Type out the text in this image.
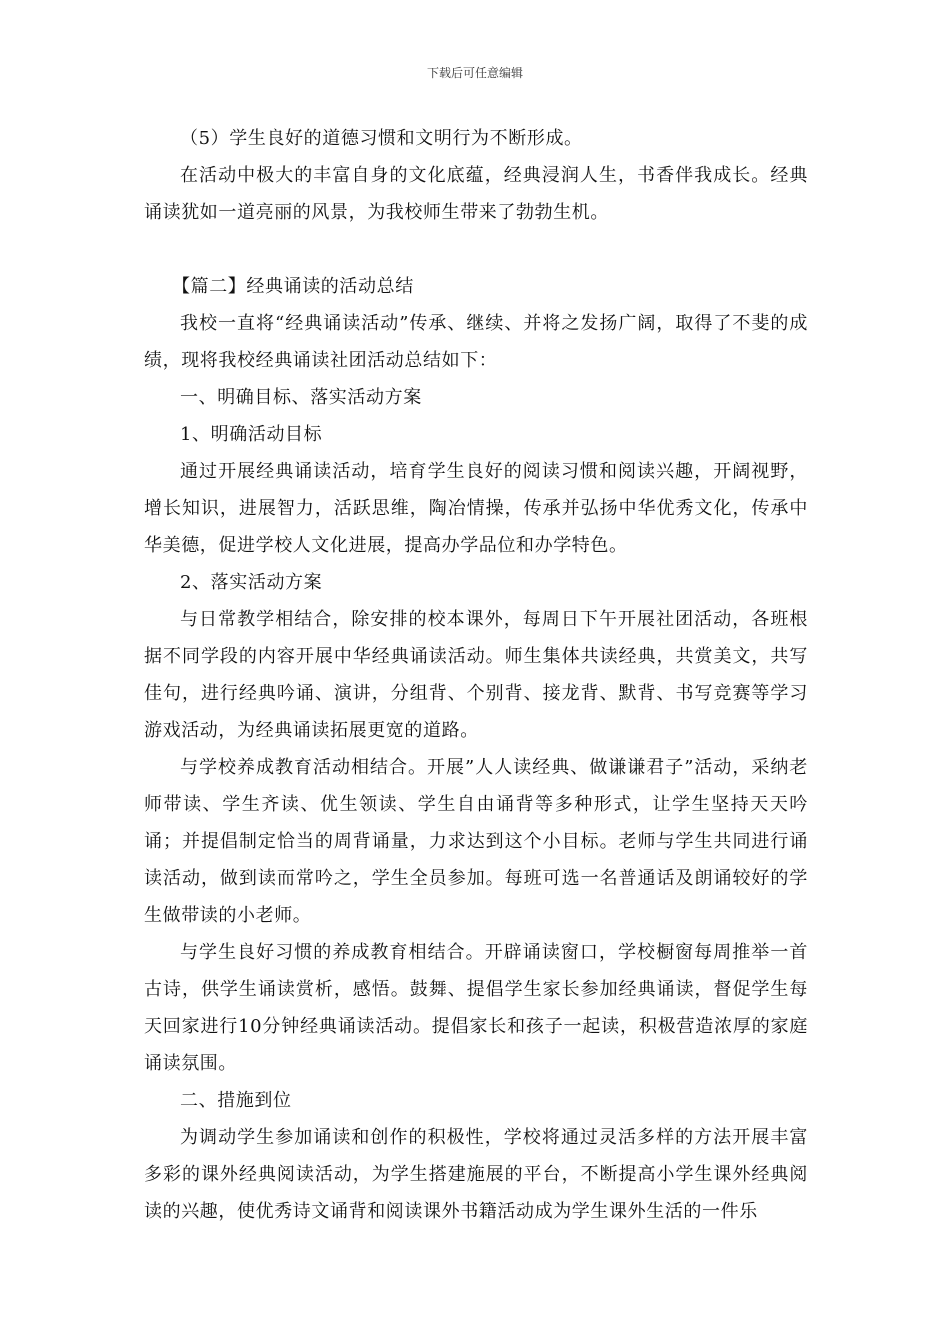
下载后可任意编辑

（5）学生良好的道德习惯和文明行为不断形成。

在活动中极大的丰富自身的文化底蕴，经典浸润人生，书香伴我成长。经典诵读犹如一道亮丽的风景，为我校师生带来了勃勃生机。

【篇二】经典诵读的活动总结

我校一直将“经典诵读活动”传承、继续、并将之发扬广阔，取得了不斐的成绩，现将我校经典诵读社团活动总结如下：

一、明确目标、落实活动方案

1、明确活动目标

通过开展经典诵读活动，培育学生良好的阅读习惯和阅读兴趣，开阔视野，增长知识，进展智力，活跃思维，陶冶情操，传承并弘扬中华优秀文化，传承中华美德，促进学校人文化进展，提高办学品位和办学特色。

2、落实活动方案

与日常教学相结合，除安排的校本课外，每周日下午开展社团活动，各班根据不同学段的内容开展中华经典诵读活动。师生集体共读经典，共赏美文，共写佳句，进行经典吟诵、演讲，分组背、个别背、接龙背、默背、书写竞赛等学习游戏活动，为经典诵读拓展更宽的道路。

与学校养成教育活动相结合。开展”人人读经典、做谦谦君子”活动，采纳老师带读、学生齐读、优生领读、学生自由诵背等多种形式，让学生坚持天天吟诵；并提倡制定恰当的周背诵量，力求达到这个小目标。老师与学生共同进行诵读活动，做到读而常吟之，学生全员参加。每班可选一名普通话及朗诵较好的学生做带读的小老师。

与学生良好习惯的养成教育相结合。开辟诵读窗口，学校橱窗每周推举一首古诗，供学生诵读赏析，感悟。鼓舞、提倡学生家长参加经典诵读，督促学生每天回家进行10分钟经典诵读活动。提倡家长和孩子一起读，积极营造浓厚的家庭诵读氛围。

二、措施到位

为调动学生参加诵读和创作的积极性，学校将通过灵活多样的方法开展丰富多彩的课外经典阅读活动，为学生搭建施展的平台，不断提高小学生课外经典阅读的兴趣，使优秀诗文诵背和阅读课外书籍活动成为学生课外生活的一件乐
